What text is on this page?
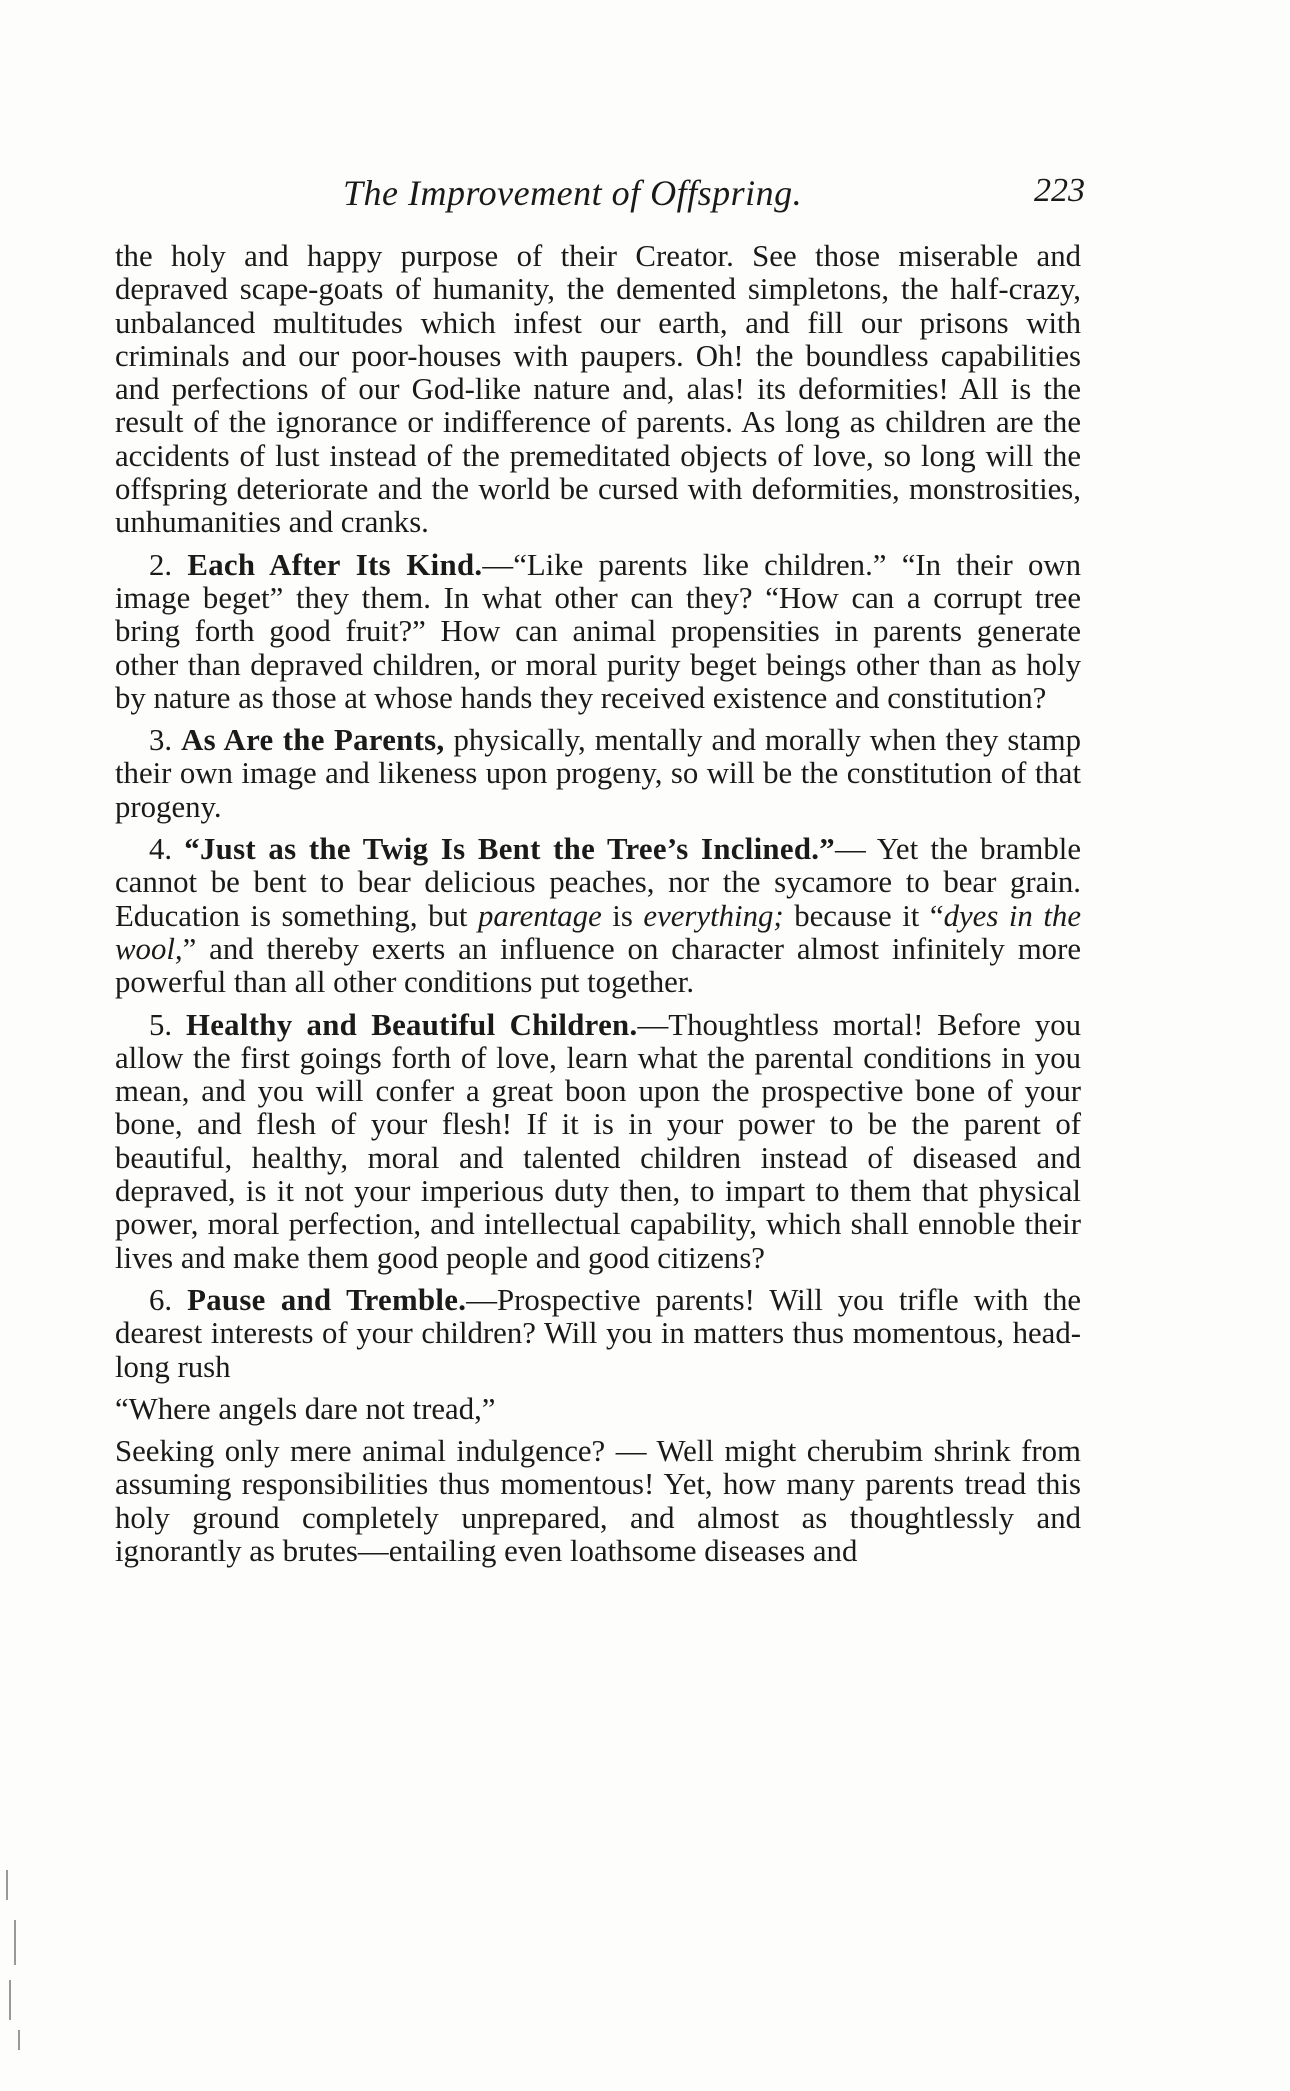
The Improvement of Offspring.	223

the holy and happy purpose of their Creator. See those miserable and depraved scape-goats of humanity, the demented simpletons, the half-crazy, unbalanced multitudes which infest our earth, and fill our prisons with criminals and our poor-houses with paupers. Oh! the boundless capabilities and perfections of our God-like nature and, alas! its deformities! All is the result of the ignorance or indifference of parents. As long as children are the accidents of lust instead of the premeditated objects of love, so long will the offspring deteriorate and the world be cursed with deformities, monstrosities, unhumanities and cranks.

2. Each After Its Kind.—“Like parents like children.” “In their own image beget” they them. In what other can they? “How can a corrupt tree bring forth good fruit?” How can animal propensities in parents generate other than depraved children, or moral purity beget beings other than as holy by nature as those at whose hands they received existence and constitution?

3. As Are the Parents, physically, mentally and morally when they stamp their own image and likeness upon progeny, so will be the constitution of that progeny.

4. “Just as the Twig Is Bent the Tree’s Inclined.”— Yet the bramble cannot be bent to bear delicious peaches, nor the sycamore to bear grain. Education is something, but parentage is everything; because it “dyes in the wool,” and thereby exerts an influence on character almost infinitely more powerful than all other conditions put together.

5. Healthy and Beautiful Children.—Thoughtless mortal! Before you allow the first goings forth of love, learn what the parental conditions in you mean, and you will confer a great boon upon the prospective bone of your bone, and flesh of your flesh! If it is in your power to be the parent of beautiful, healthy, moral and talented children instead of diseased and depraved, is it not your imperious duty then, to impart to them that physical power, moral perfection, and intellectual capability, which shall ennoble their lives and make them good people and good citizens?

6. Pause and Tremble.—Prospective parents! Will you trifle with the dearest interests of your children? Will you in matters thus momentous, head-long rush

“Where angels dare not tread,”

Seeking only mere animal indulgence? — Well might cherubim shrink from assuming responsibilities thus momentous! Yet, how many parents tread this holy ground completely unprepared, and almost as thoughtlessly and ignorantly as brutes—entailing even loathsome diseases and
